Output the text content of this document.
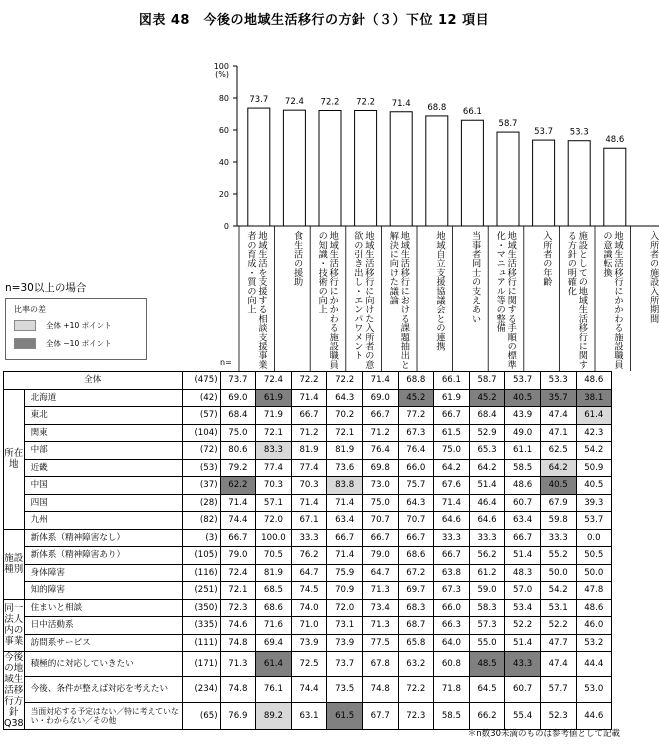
図表 48　今後の地域生活移行の方針（３）下位 12 項目
0
20
40
60
80
100
(%)
73.7 72.4 72.2 72.2 71.4 68.8 66.1
58.7
53.7 53.3
48.6
地域生活を支援する相談支援事業者の育成・質の向上	食生活の援助	地域生活移行にかかわる施設職員の知識・技術の向上	地域生活移行に向けた入所者の意欲の引き出し・エンパワメント	地域生活移行における課題抽出と解決に向けた議論	地域自立支援協議会との連携	当事者同士の支えあい	地域生活移行に関する手順の標準化・マニュアル等の整備	入所者の年齢	施設としての地域生活移行に関する方針の明確化	地域生活移行にかかわる施設職員の意識転換	入所者の施設入所期間
n=30以上の場合
比率の差
全体 +10 ポイント
全体 −10 ポイント
n=
全体		(475)	73.7	72.4	72.2	72.2	71.4	68.8	66.1	58.7	53.7	53.3	48.6
所在地	北海道	(42)	69.0	61.9	71.4	64.3	69.0	45.2	61.9	45.2	40.5	35.7	38.1
	東北	(57)	68.4	71.9	66.7	70.2	66.7	77.2	66.7	68.4	43.9	47.4	61.4
	関東	(104)	75.0	72.1	71.2	72.1	71.2	67.3	61.5	52.9	49.0	47.1	42.3
	中部	(72)	80.6	83.3	81.9	81.9	76.4	76.4	75.0	65.3	61.1	62.5	54.2
	近畿	(53)	79.2	77.4	77.4	73.6	69.8	66.0	64.2	64.2	58.5	64.2	50.9
	中国	(37)	62.2	70.3	70.3	83.8	73.0	75.7	67.6	51.4	48.6	40.5	40.5
	四国	(28)	71.4	57.1	71.4	71.4	75.0	64.3	71.4	46.4	60.7	67.9	39.3
	九州	(82)	74.4	72.0	67.1	63.4	70.7	70.7	64.6	64.6	63.4	59.8	53.7
施設種別	新体系（精神障害なし）	(3)	66.7	100.0	33.3	66.7	66.7	66.7	33.3	33.3	66.7	33.3	0.0
	新体系（精神障害あり）	(105)	79.0	70.5	76.2	71.4	79.0	68.6	66.7	56.2	51.4	55.2	50.5
	身体障害	(116)	72.4	81.9	64.7	75.9	64.7	67.2	63.8	61.2	48.3	50.0	50.0
	知的障害	(251)	72.1	68.5	74.5	70.9	71.3	69.7	67.3	59.0	57.0	54.2	47.8
同一法人内の事業	住まいと相談	(350)	72.3	68.6	74.0	72.0	73.4	68.3	66.0	58.3	53.4	53.1	48.6
	日中活動系	(335)	74.6	71.6	71.0	73.1	71.3	68.7	66.3	57.3	52.2	52.2	46.0
	訪問系サービス	(111)	74.8	69.4	73.9	73.9	77.5	65.8	64.0	55.0	51.4	47.7	53.2
今後の地域生活移行方針Q38	積極的に対応していきたい	(171)	71.3	61.4	72.5	73.7	67.8	63.2	60.8	48.5	43.3	47.4	44.4
	今後、条件が整えば対応を考えたい	(234)	74.8	76.1	74.4	73.5	74.8	72.2	71.8	64.5	60.7	57.7	53.0
	当面対応する予定はない／特に考えていない・わからない／その他	(65)	76.9	89.2	63.1	61.5	67.7	72.3	58.5	66.2	55.4	52.3	44.6
＊n数30未満のものは参考値として記載
